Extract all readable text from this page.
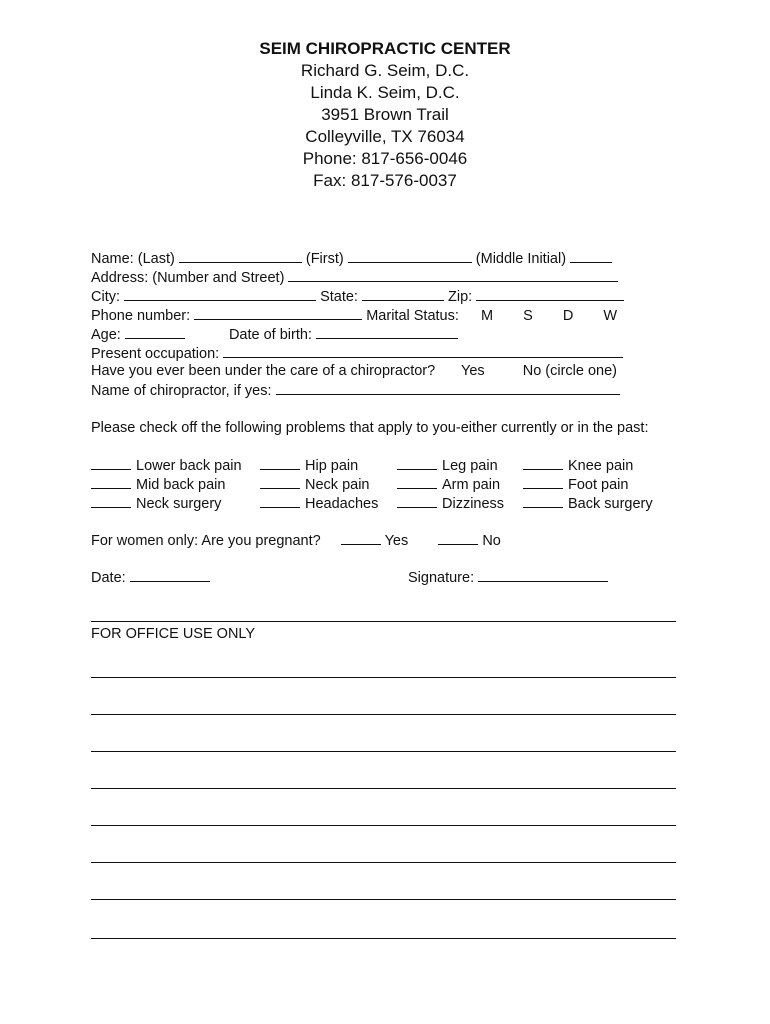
SEIM CHIROPRACTIC CENTER
Richard G. Seim, D.C.
Linda K. Seim, D.C.
3951 Brown Trail
Colleyville, TX 76034
Phone: 817-656-0046
Fax: 817-576-0037
Name: (Last)	(First)	(Middle Initial)
Address: (Number and Street)
City:	State:	Zip:
Phone number:	Marital Status: M S D W
Age:	Date of birth:
Present occupation:
Have you ever been under the care of a chiropractor? Yes	No (circle one)
Name of chiropractor, if yes:
Please check off the following problems that apply to you-either currently or in the past:
Lower back pain	Hip pain	Leg pain	Knee pain
Mid back pain	Neck pain	Arm pain	Foot pain
Neck surgery	Headaches	Dizziness	Back surgery
For women only: Are you pregnant?	Yes	No
Date:	Signature:
FOR OFFICE USE ONLY
